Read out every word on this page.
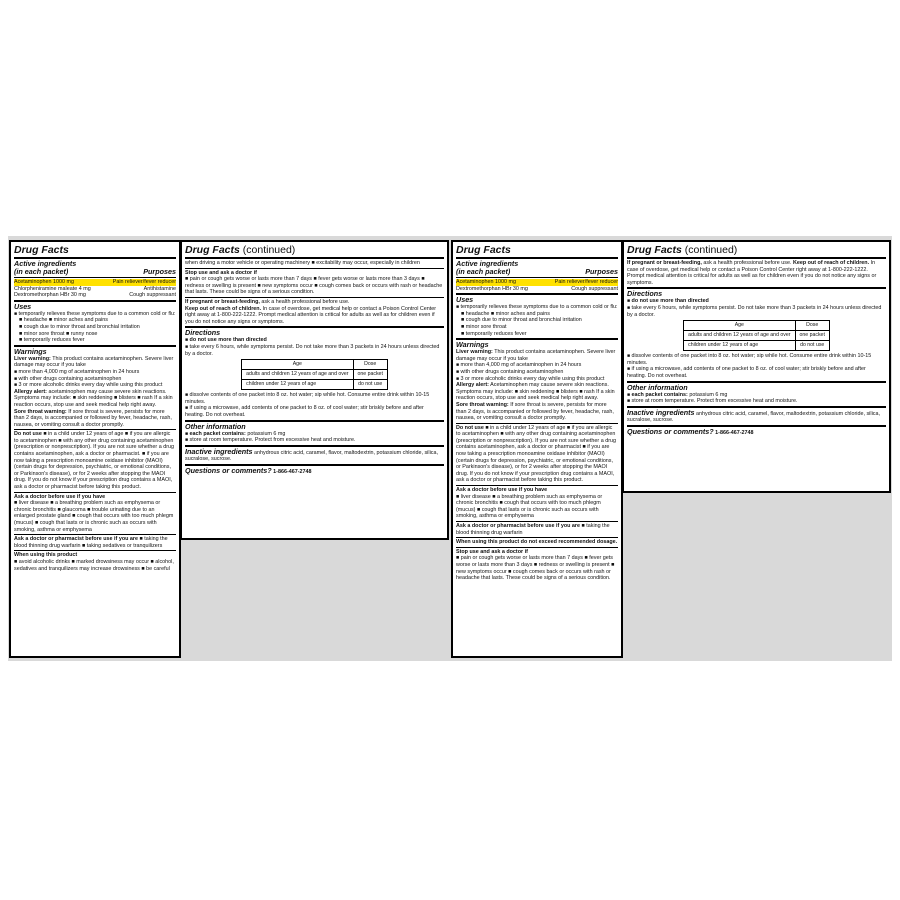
Drug Facts
Active ingredients
(in each packet)	Purposes
Acetaminophen 1000 mg	Pain reliever/fever reducer
Chlorpheniramine maleate 4 mg	Antihistamine
Dextromethorphan HBr 30 mg	Cough suppressant
Uses

■ temporarily relieves these symptoms due to a common cold or flu:

■ headache ■ minor aches and pains

■ cough due to minor throat and bronchial irritation

■ minor sore throat ■ runny nose

■ temporarily reduces fever

Warnings

Liver warning: This product contains acetaminophen. Severe liver damage may occur if you take

■ more than 4,000 mg of acetaminophen in 24 hours

■ with other drugs containing acetaminophen

■ 3 or more alcoholic drinks every day while using this product

Allergy alert: acetaminophen may cause severe skin reactions. Symptoms may include: ■ skin reddening ■ blisters ■ rash If a skin reaction occurs, stop use and seek medical help right away.

Sore throat warning: If sore throat is severe, persists for more than 2 days, is accompanied or followed by fever, headache, rash, nausea, or vomiting consult a doctor promptly.

Do not use ■ in a child under 12 years of age ■ if you are allergic to acetaminophen ■ with any other drug containing acetaminophen (prescription or nonprescription). If you are not sure whether a drug contains acetaminophen, ask a doctor or pharmacist. ■ if you are now taking a prescription monoamine oxidase inhibitor (MAOI) (certain drugs for depression, psychiatric, or emotional conditions, or Parkinson's disease), or for 2 weeks after stopping the MAOI drug. If you do not know if your prescription drug contains a MAOI, ask a doctor or pharmacist before taking this product.

Ask a doctor before use if you have

■ liver disease ■ a breathing problem such as emphysema or chronic bronchitis ■ glaucoma ■ trouble urinating due to an enlarged prostate gland ■ cough that occurs with too much phlegm (mucus) ■ cough that lasts or is chronic such as occurs with smoking, asthma or emphysema

Ask a doctor or pharmacist before use if you are ■ taking the blood thinning drug warfarin ■ taking sedatives or tranquilizers

When using this product

■ avoid alcoholic drinks ■ marked drowsiness may occur ■ alcohol, sedatives and tranquilizers may increase drowsiness ■ be careful

Drug Facts (continued)

when driving a motor vehicle or operating machinery ■ excitability may occur, especially in children

Stop use and ask a doctor if

■ pain or cough gets worse or lasts more than 7 days ■ fever gets worse or lasts more than 3 days ■ redness or swelling is present ■ new symptoms occur ■ cough comes back or occurs with rash or headache that lasts. These could be signs of a serious condition.

If pregnant or breast-feeding, ask a health professional before use.

Keep out of reach of children. In case of overdose, get medical help or contact a Poison Control Center right away at 1-800-222-1222. Prompt medical attention is critical for adults as well as for children even if you do not notice any signs or symptoms.

Directions

■ do not use more than directed

■ take every 6 hours, while symptoms persist. Do not take more than 3 packets in 24 hours unless directed by a doctor.

Age	Dose
adults and children 12 years of age and over	one packet
children under 12 years of age	do not use

■ dissolve contents of one packet into 8 oz. hot water; sip while hot. Consume entire drink within 10-15 minutes.

■ if using a microwave, add contents of one packet to 8 oz. of cool water; stir briskly before and after heating. Do not overheat.

Other information

■ each packet contains: potassium 6 mg

■ store at room temperature. Protect from excessive heat and moisture.

Inactive ingredients anhydrous citric acid, caramel, flavor, maltodextrin, potassium chloride, silica, sucralose, sucrose.

Questions or comments? 1-866-467-2748

Drug Facts
Active ingredients
(in each packet)	Purposes
Acetaminophen 1000 mg	Pain reliever/fever reducer
Dextromethorphan HBr 30 mg	Cough suppressant
Uses

■ temporarily relieves these symptoms due to a common cold or flu:

■ headache ■ minor aches and pains

■ cough due to minor throat and bronchial irritation

■ minor sore throat

■ temporarily reduces fever

Warnings

Liver warning: This product contains acetaminophen. Severe liver damage may occur if you take

■ more than 4,000 mg of acetaminophen in 24 hours

■ with other drugs containing acetaminophen

■ 3 or more alcoholic drinks every day while using this product

Allergy alert: Acetaminophen may cause severe skin reactions. Symptoms may include: ■ skin reddening ■ blisters ■ rash If a skin reaction occurs, stop use and seek medical help right away.

Sore throat warning: If sore throat is severe, persists for more than 2 days, is accompanied or followed by fever, headache, rash, nausea, or vomiting consult a doctor promptly.

Do not use ■ in a child under 12 years of age ■ if you are allergic to acetaminophen ■ with any other drug containing acetaminophen (prescription or nonprescription). If you are not sure whether a drug contains acetaminophen, ask a doctor or pharmacist ■ if you are now taking a prescription monoamine oxidase inhibitor (MAOI) (certain drugs for depression, psychiatric, or emotional conditions, or Parkinson's disease), or for 2 weeks after stopping the MAOI drug. If you do not know if your prescription drug contains a MAOI, ask a doctor or pharmacist before taking this product.

Ask a doctor before use if you have

■ liver disease ■ a breathing problem such as emphysema or chronic bronchitis ■ cough that occurs with too much phlegm (mucus) ■ cough that lasts or is chronic such as occurs with smoking, asthma or emphysema

Ask a doctor or pharmacist before use if you are ■ taking the blood thinning drug warfarin

When using this product do not exceed recommended dosage.

Stop use and ask a doctor if

■ pain or cough gets worse or lasts more than 7 days ■ fever gets worse or lasts more than 3 days ■ redness or swelling is present ■ new symptoms occur ■ cough comes back or occurs with rash or headache that lasts. These could be signs of a serious condition.

Drug Facts (continued)

If pregnant or breast-feeding, ask a health professional before use. Keep out of reach of children. In case of overdose, get medical help or contact a Poison Control Center right away at 1-800-222-1222. Prompt medical attention is critical for adults as well as for children even if you do not notice any signs or symptoms.

Directions

■ do not use more than directed

■ take every 6 hours, while symptoms persist. Do not take more than 3 packets in 24 hours unless directed by a doctor.

Age	Dose
adults and children 12 years of age and over	one packet
children under 12 years of age	do not use

■ dissolve contents of one packet into 8 oz. hot water; sip while hot. Consume entire drink within 10-15 minutes.

■ if using a microwave, add contents of one packet to 8 oz. of cool water; stir briskly before and after heating. Do not overheat.

Other information

■ each packet contains: potassium 6 mg

■ store at room temperature. Protect from excessive heat and moisture.

Inactive ingredients anhydrous citric acid, caramel, flavor, maltodextrin, potassium chloride, silica, sucralose, sucrose.

Questions or comments? 1-866-467-2748
